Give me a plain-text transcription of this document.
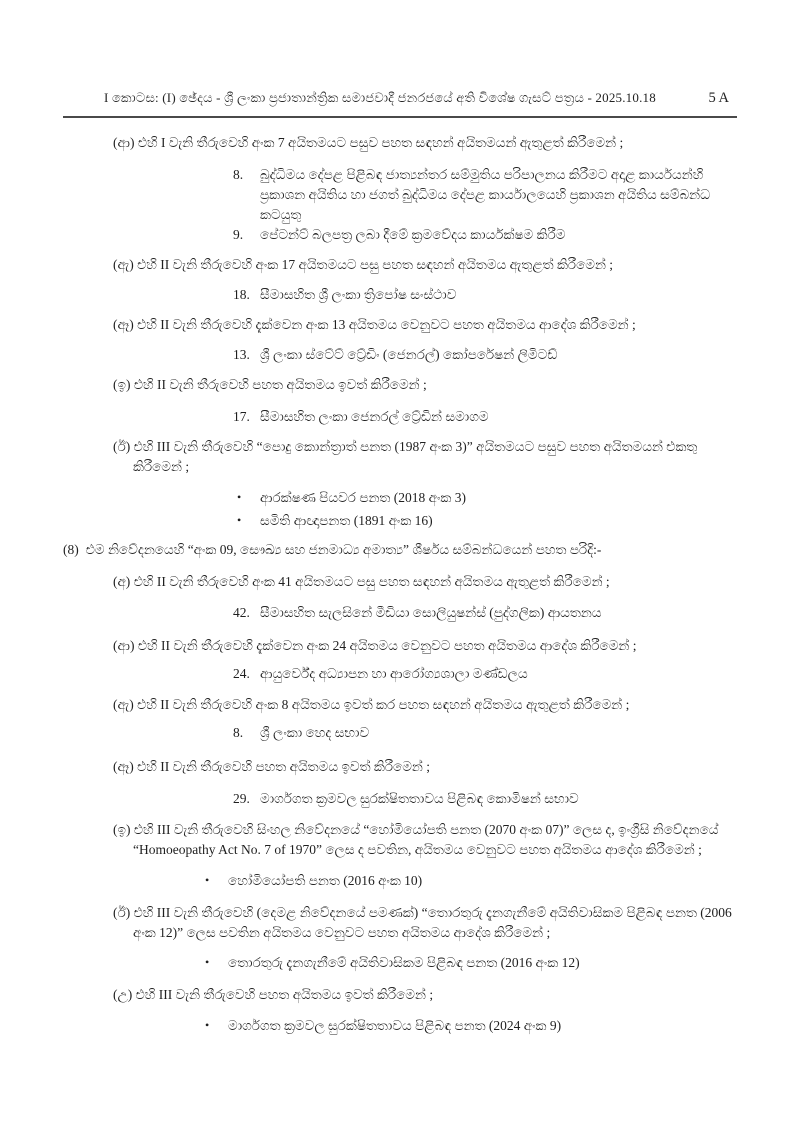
I කොටස: (I) ඡේදය - ශ්‍රී ලංකා ප්‍රජාතාන්ත්‍රික සමාජවාදී ජනරජයේ අති විශේෂ ගැසට් පත්‍රය - 2025.10.18	5 A
(ආ) එහි I වැනි තීරුවෙහි අංක 7 අයිතමයට පසුව පහත සඳහන් අයිතමයන් ඇතුළත් කිරීමෙන් ;
8. බුද්ධිමය දේපළ පිළිබඳ ජාත්‍යන්තර සම්මුතිය පරිපාලනය කිරීමට අදාළ කාර්යයන්හි ප්‍රකාශන අයිතිය හා ජගත් බුද්ධිමය දේපළ කාර්යාලයෙහි ප්‍රකාශන අයිතිය සම්බන්ධ කටයුතු
9. පේටන්ට් බලපත්‍ර ලබා දීමේ ක්‍රමවේදය කාර්යක්ෂම කිරීම
(ඇ) එහි II වැනි තීරුවෙහි අංක 17 අයිතමයට පසු පහත සඳහන් අයිතමය ඇතුළත් කිරීමෙන් ;
18. සීමාසහිත ශ්‍රී ලංකා ත්‍රිපෝෂ සංස්ථාව
(ඈ) එහි II වැනි තීරුවෙහි දැක්වෙන අංක 13 අයිතමය වෙනුවට පහත අයිතමය ආදේශ කිරීමෙන් ;
13. ශ්‍රී ලංකා ස්ටේට් ට්‍රේඩිං (ජෙනරල්) කෝපරේෂන් ලිමිටඩ්
(ඉ) එහි II වැනි තීරුවෙහි පහත අයිතමය ඉවත් කිරීමෙන් ;
17. සීමාසහිත ලංකා ජෙනරල් ට්‍රේඩින් සමාගම
(ඊ) එහි III වැනි තීරුවෙහි “පොදු කොන්ත්‍රාත් පනත (1987 අංක 3)” අයිතමයට පසුව පහත අයිතමයන් එකතු කිරීමෙන් ;
• ආරක්ෂණ පියවර පනත (2018 අංක 3)
• සමිති ආඥාපනත (1891 අංක 16)
(8) එම නිවේදනයෙහි “අංක 09, සෞඛ්‍ය සහ ජනමාධ්‍ය අමාත්‍ය” ශීර්ෂය සම්බන්ධයෙන් පහත පරිදි:-
(අ) එහි II වැනි තීරුවෙහි අංක 41 අයිතමයට පසු පහත සඳහන් අයිතමය ඇතුළත් කිරීමෙන් ;
42. සීමාසහිත සැලසිනේ මීඩියා සොලියුෂන්ස් (පුද්ගලික) ආයතනය
(ආ) එහි II වැනි තීරුවෙහි දැක්වෙන අංක 24 අයිතමය වෙනුවට පහත අයිතමය ආදේශ කිරීමෙන් ;
24. ආයුර්වේද අධ්‍යාපන හා ආරෝග්‍යශාලා මණ්ඩලය
(ඇ) එහි II වැනි තීරුවෙහි අංක 8 අයිතමය ඉවත් කර පහත සඳහන් අයිතමය ඇතුළත් කිරීමෙන් ;
8. ශ්‍රී ලංකා හෙද සභාව
(ඈ) එහි II වැනි තීරුවෙහි පහත අයිතමය ඉවත් කිරීමෙන් ;
29. මාර්ගගත ක්‍රමවල සුරක්ෂිතතාවය පිළිබඳ කොමිෂන් සභාව
(ඉ) එහි III වැනි තීරුවෙහි සිංහල නිවේදනයේ “හෝමියෝපති පනත (2070 අංක 07)” ලෙස ද, ඉංග්‍රීසි නිවේදනයේ “Homoeopathy Act No. 7 of 1970” ලෙස ද පවතින, අයිතමය වෙනුවට පහත අයිතමය ආදේශ කිරීමෙන් ;
• හෝමියෝපති පනත (2016 අංක 10)
(ඊ) එහි III වැනි තීරුවෙහි (දෙමළ නිවේදනයේ පමණක්) “තොරතුරු දැනගැනීමේ අයිතිවාසිකම පිළිබඳ පනත (2006 අංක 12)” ලෙස පවතින අයිතමය වෙනුවට පහත අයිතමය ආදේශ කිරීමෙන් ;
• තොරතුරු දැනගැනීමේ අයිතිවාසිකම පිළිබඳ පනත (2016 අංක 12)
(උ) එහි III වැනි තීරුවෙහි පහත අයිතමය ඉවත් කිරීමෙන් ;
• මාර්ගගත ක්‍රමවල සුරක්ෂිතතාවය පිළිබඳ පනත (2024 අංක 9)
